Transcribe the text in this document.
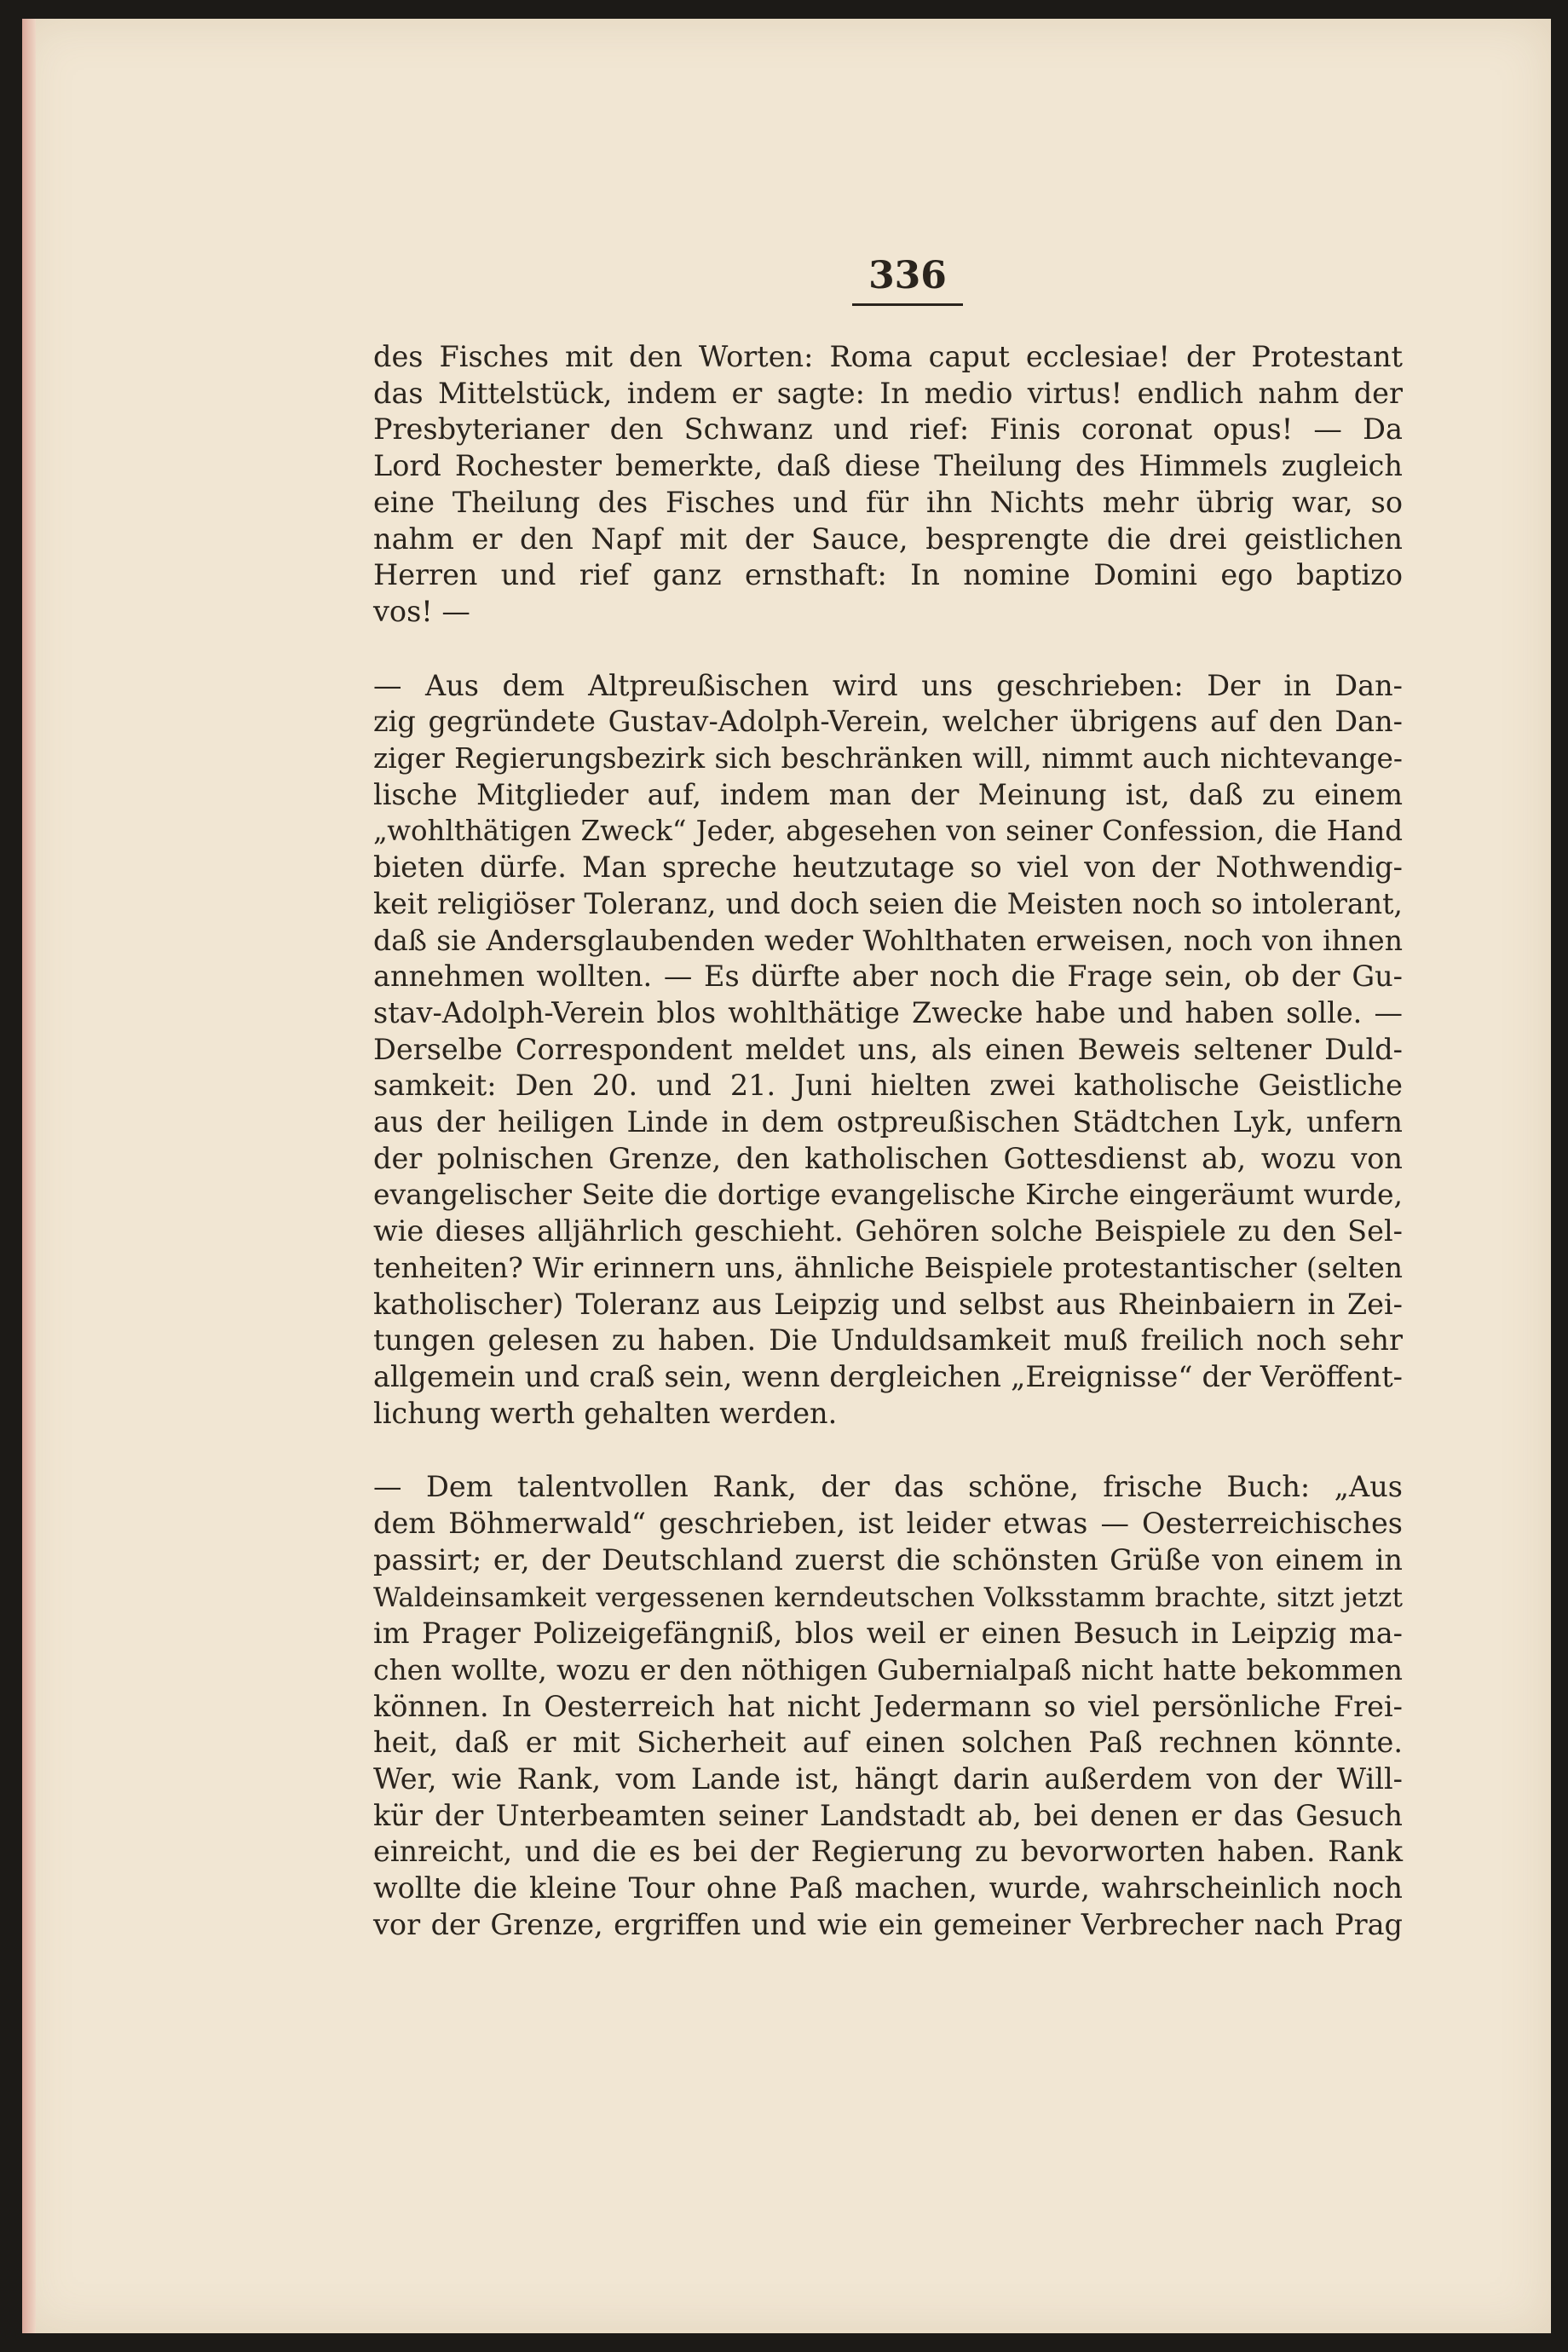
336

des Fisches mit den Worten: Roma caput ecclesiae! der Protestant
das Mittelstück, indem er sagte: In medio virtus! endlich nahm der
Presbyterianer den Schwanz und rief: Finis coronat opus! — Da
Lord Rochester bemerkte, daß diese Theilung des Himmels zugleich
eine Theilung des Fisches und für ihn Nichts mehr übrig war, so
nahm er den Napf mit der Sauce, besprengte die drei geistlichen
Herren und rief ganz ernsthaft: In nomine Domini ego baptizo
vos! —

— Aus dem Altpreußischen wird uns geschrieben: Der in Dan-
zig gegründete Gustav-Adolph-Verein, welcher übrigens auf den Dan-
ziger Regierungsbezirk sich beschränken will, nimmt auch nichtevange-
lische Mitglieder auf, indem man der Meinung ist, daß zu einem
„wohlthätigen Zweck“ Jeder, abgesehen von seiner Confession, die Hand
bieten dürfe. Man spreche heutzutage so viel von der Nothwendig-
keit religiöser Toleranz, und doch seien die Meisten noch so intolerant,
daß sie Andersglaubenden weder Wohlthaten erweisen, noch von ihnen
annehmen wollten. — Es dürfte aber noch die Frage sein, ob der Gu-
stav-Adolph-Verein blos wohlthätige Zwecke habe und haben solle. —
Derselbe Correspondent meldet uns, als einen Beweis seltener Duld-
samkeit: Den 20. und 21. Juni hielten zwei katholische Geistliche
aus der heiligen Linde in dem ostpreußischen Städtchen Lyk, unfern
der polnischen Grenze, den katholischen Gottesdienst ab, wozu von
evangelischer Seite die dortige evangelische Kirche eingeräumt wurde,
wie dieses alljährlich geschieht. Gehören solche Beispiele zu den Sel-
tenheiten? Wir erinnern uns, ähnliche Beispiele protestantischer (selten
katholischer) Toleranz aus Leipzig und selbst aus Rheinbaiern in Zei-
tungen gelesen zu haben. Die Unduldsamkeit muß freilich noch sehr
allgemein und craß sein, wenn dergleichen „Ereignisse“ der Veröffent-
lichung werth gehalten werden.

— Dem talentvollen Rank, der das schöne, frische Buch: „Aus
dem Böhmerwald“ geschrieben, ist leider etwas — Oesterreichisches
passirt; er, der Deutschland zuerst die schönsten Grüße von einem in
Waldeinsamkeit vergessenen kerndeutschen Volksstamm brachte, sitzt jetzt
im Prager Polizeigefängniß, blos weil er einen Besuch in Leipzig ma-
chen wollte, wozu er den nöthigen Gubernialpaß nicht hatte bekommen
können. In Oesterreich hat nicht Jedermann so viel persönliche Frei-
heit, daß er mit Sicherheit auf einen solchen Paß rechnen könnte.
Wer, wie Rank, vom Lande ist, hängt darin außerdem von der Will-
kür der Unterbeamten seiner Landstadt ab, bei denen er das Gesuch
einreicht, und die es bei der Regierung zu bevorworten haben. Rank
wollte die kleine Tour ohne Paß machen, wurde, wahrscheinlich noch
vor der Grenze, ergriffen und wie ein gemeiner Verbrecher nach Prag
